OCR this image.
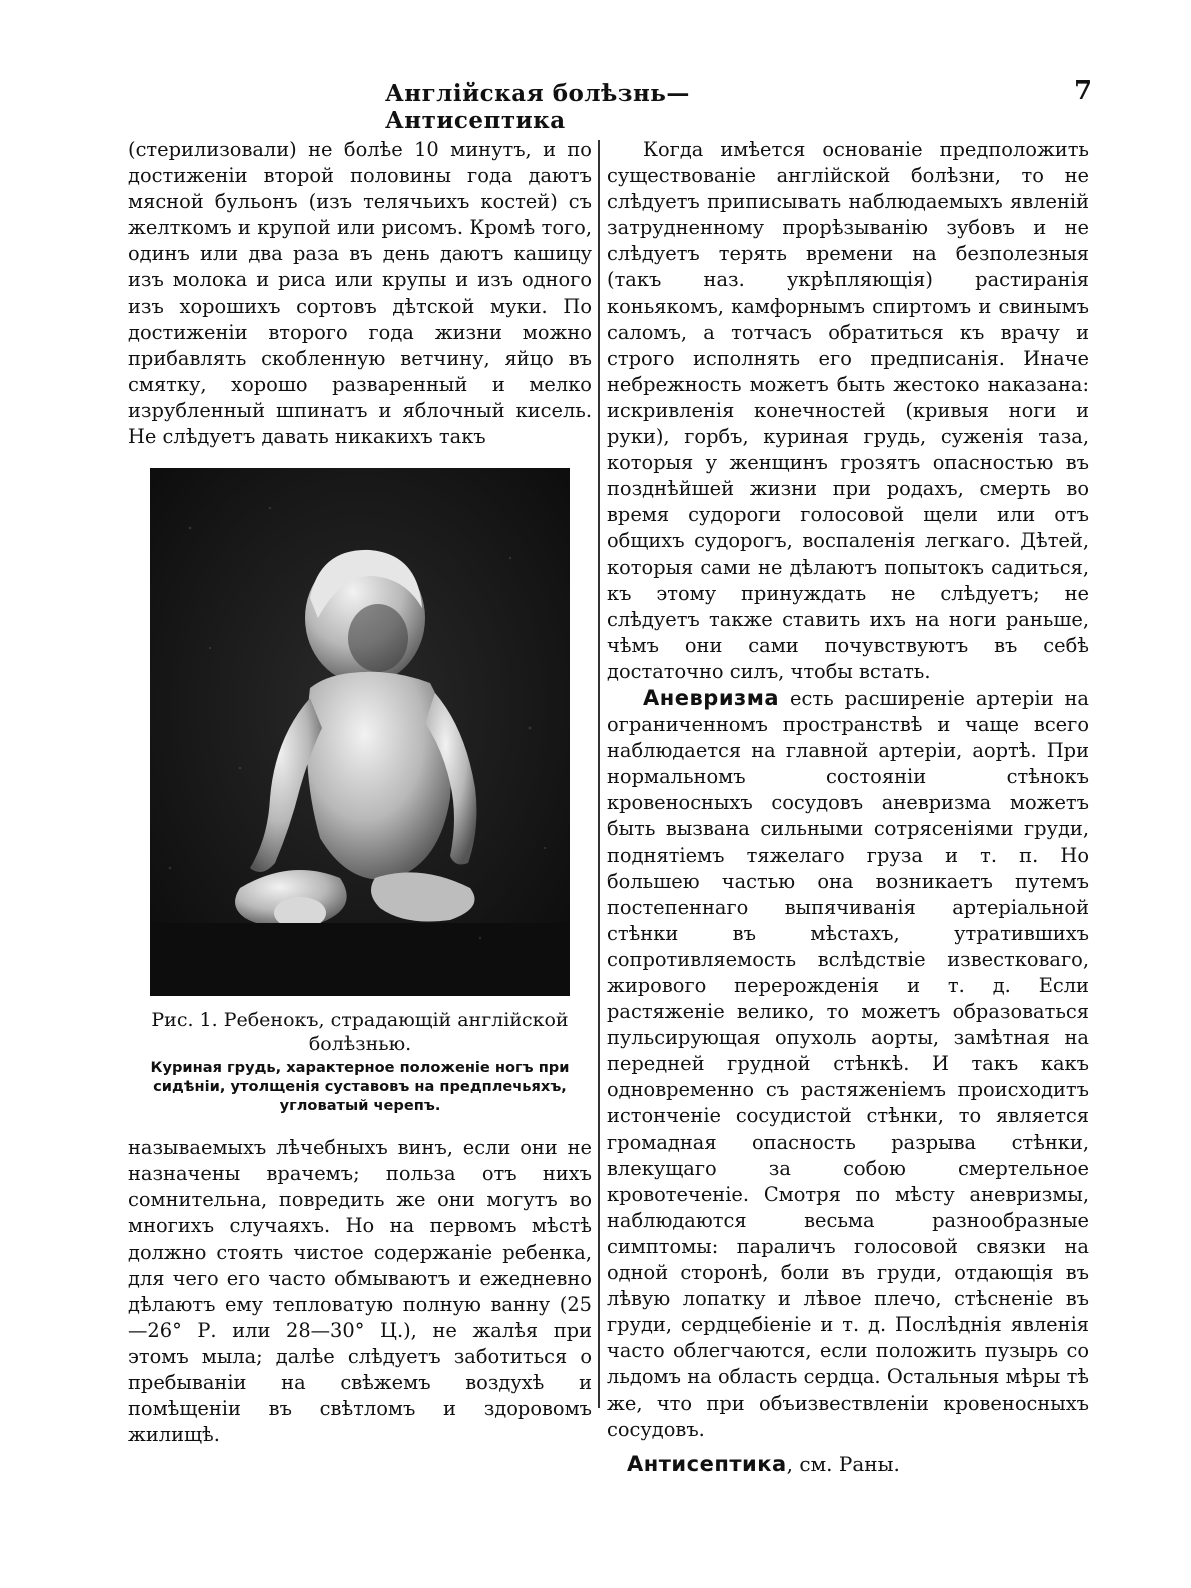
Англійская болѣзнь—Антисептика
7

(стерилизовали) не болѣе 10 минутъ, и по достиженіи второй половины года даютъ мясной бульонъ (изъ телячьихъ костей) съ желткомъ и крупой или рисомъ. Кромѣ того, одинъ или два раза въ день даютъ кашицу изъ молока и риса или крупы и изъ одного изъ хорошихъ сортовъ дѣтской муки. По достиженіи второго года жизни можно прибавлять скобленную ветчину, яйцо въ смятку, хорошо разваренный и мелко изрубленный шпинатъ и яблочный кисель. Не слѣдуетъ давать никакихъ такъ

Рис. 1. Ребенокъ, страдающій англійской болѣзнью.

Куриная грудь, характерное положеніе ногъ при сидѣніи, утолщенія суставовъ на предплечьяхъ, угловатый черепъ.

называемыхъ лѣчебныхъ винъ, если они не назначены врачемъ; польза отъ нихъ сомнительна, повредить же они могутъ во многихъ случаяхъ. Но на первомъ мѣстѣ должно стоять чистое содержаніе ребенка, для чего его часто обмываютъ и ежедневно дѣлаютъ ему тепловатую полную ванну (25—26° Р. или 28—30° Ц.), не жалѣя при этомъ мыла; далѣе слѣдуетъ заботиться о пребываніи на свѣжемъ воздухѣ и помѣщеніи въ свѣтломъ и здоровомъ жилищѣ.

Когда имѣется основаніе предположить существованіе англійской болѣзни, то не слѣдуетъ приписывать наблюдаемыхъ явленій затрудненному прорѣзыванію зубовъ и не слѣдуетъ терять времени на безполезныя (такъ наз. укрѣпляющія) растиранія коньякомъ, камфорнымъ спиртомъ и свинымъ саломъ, а тотчасъ обратиться къ врачу и строго исполнять его предписанія. Иначе небрежность можетъ быть жестоко наказана: искривленія конечностей (кривыя ноги и руки), горбъ, куриная грудь, суженія таза, которыя у женщинъ грозятъ опасностью въ позднѣйшей жизни при родахъ, смерть во время судороги голосовой щели или отъ общихъ судорогъ, воспаленія легкаго. Дѣтей, которыя сами не дѣлаютъ попытокъ садиться, къ этому принуждать не слѣдуетъ; не слѣдуетъ также ставить ихъ на ноги раньше, чѣмъ они сами почувствуютъ въ себѣ достаточно силъ, чтобы встать.

Аневризма есть расширеніе артеріи на ограниченномъ пространствѣ и чаще всего наблюдается на главной артеріи, аортѣ. При нормальномъ состояніи стѣнокъ кровеносныхъ сосудовъ аневризма можетъ быть вызвана сильными сотрясеніями груди, поднятіемъ тяжелаго груза и т. п. Но большею частью она возникаетъ путемъ постепеннаго выпячиванія артеріальной стѣнки въ мѣстахъ, утратившихъ сопротивляемость вслѣдствіе известковаго, жирового перерожденія и т. д. Если растяженіе велико, то можетъ образоваться пульсирующая опухоль аорты, замѣтная на передней грудной стѣнкѣ. И такъ какъ одновременно съ растяженіемъ происходитъ истонченіе сосудистой стѣнки, то является громадная опасность разрыва стѣнки, влекущаго за собою смертельное кровотеченіе. Смотря по мѣсту аневризмы, наблюдаются весьма разнообразные симптомы: параличъ голосовой связки на одной сторонѣ, боли въ груди, отдающія въ лѣвую лопатку и лѣвое плечо, стѣсненіе въ груди, сердцебіеніе и т. д. Послѣднія явленія часто облегчаются, если положить пузырь со льдомъ на область сердца. Остальныя мѣры тѣ же, что при объизвествленіи кровеносныхъ сосудовъ.

Антисептика, см. Раны.
